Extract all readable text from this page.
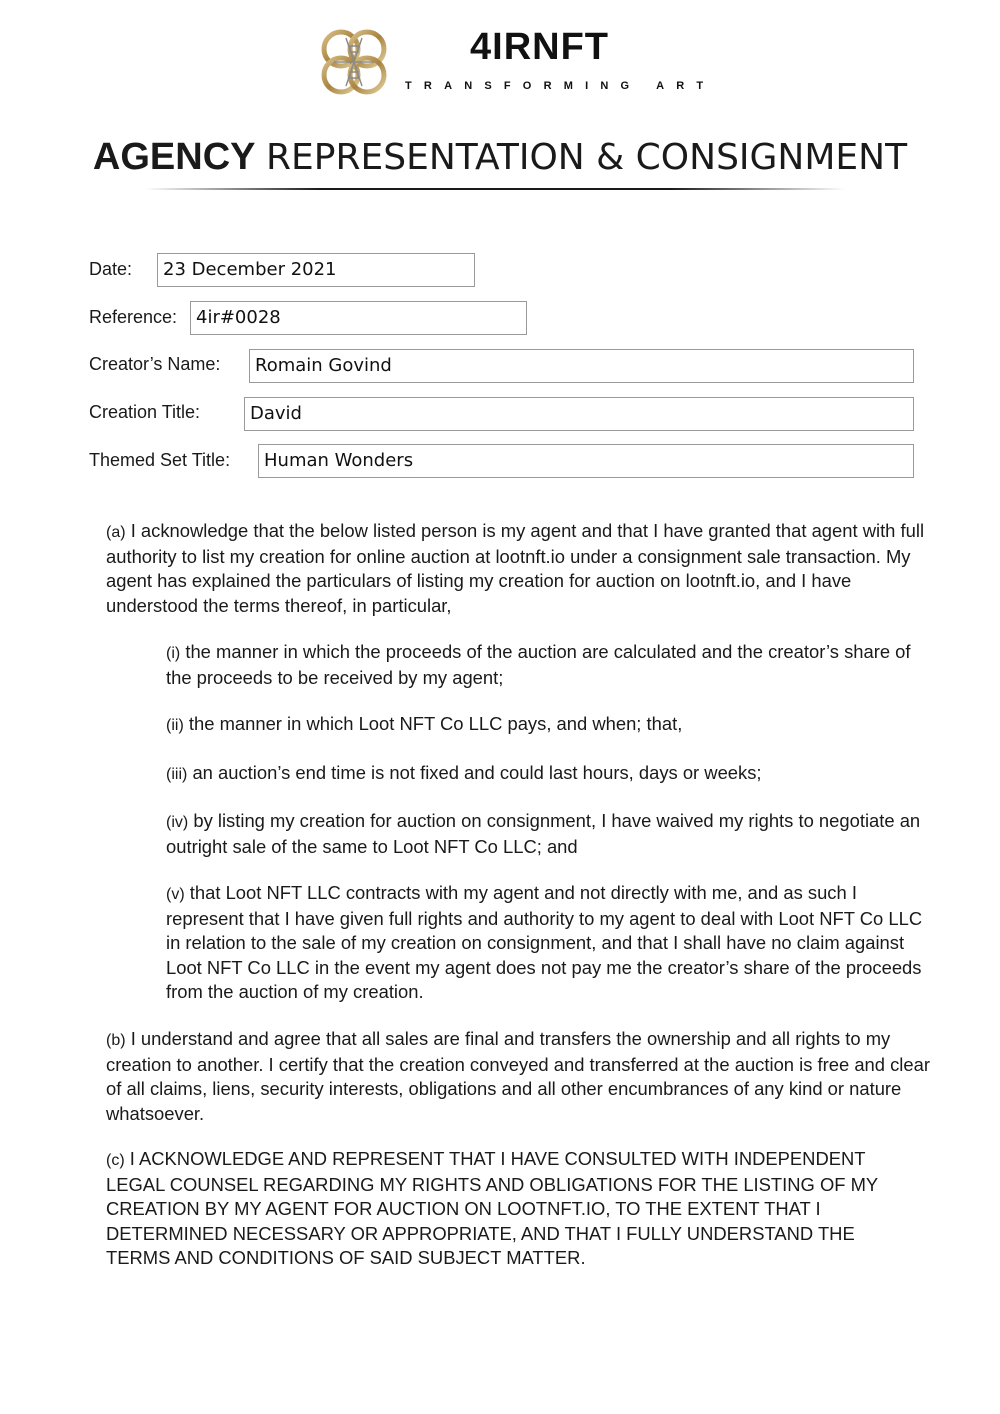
4IRNFT
TRANSFORMING ART
AGENCY REPRESENTATION & CONSIGNMENT
Date:	23 December 2021
Reference:	4ir#0028
Creator’s Name:	Romain Govind
Creation Title:	David
Themed Set Title:	Human Wonders
(a) I acknowledge that the below listed person is my agent and that I have granted that agent with full authority to list my creation for online auction at lootnft.io under a consignment sale transaction. My agent has explained the particulars of listing my creation for auction on lootnft.io, and I have understood the terms thereof, in particular,
(i) the manner in which the proceeds of the auction are calculated and the creator’s share of the proceeds to be received by my agent;
(ii) the manner in which Loot NFT Co LLC pays, and when; that,
(iii) an auction’s end time is not fixed and could last hours, days or weeks;
(iv) by listing my creation for auction on consignment, I have waived my rights to negotiate an outright sale of the same to Loot NFT Co LLC; and
(v) that Loot NFT LLC contracts with my agent and not directly with me, and as such I represent that I have given full rights and authority to my agent to deal with Loot NFT Co LLC in relation to the sale of my creation on consignment, and that I shall have no claim against Loot NFT Co LLC in the event my agent does not pay me the creator’s share of the proceeds from the auction of my creation.
(b) I understand and agree that all sales are final and transfers the ownership and all rights to my creation to another. I certify that the creation conveyed and transferred at the auction is free and clear of all claims, liens, security interests, obligations and all other encumbrances of any kind or nature whatsoever.
(c) I ACKNOWLEDGE AND REPRESENT THAT I HAVE CONSULTED WITH INDEPENDENT LEGAL COUNSEL REGARDING MY RIGHTS AND OBLIGATIONS FOR THE LISTING OF MY CREATION BY MY AGENT FOR AUCTION ON LOOTNFT.IO, TO THE EXTENT THAT I DETERMINED NECESSARY OR APPROPRIATE, AND THAT I FULLY UNDERSTAND THE TERMS AND CONDITIONS OF SAID SUBJECT MATTER.
